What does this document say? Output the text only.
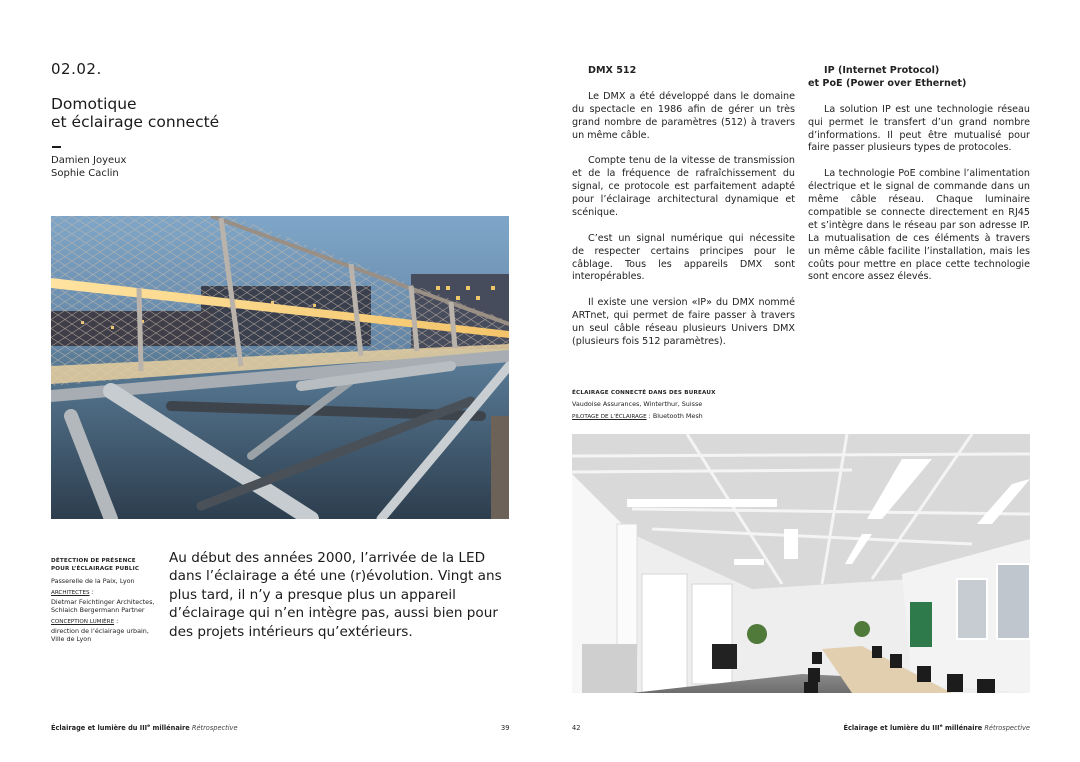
02.02.
Domotique
et éclairage connecté
Damien Joyeux
Sophie Caclin
DÉTECTION DE PRÉSENCE
POUR L’ÉCLAIRAGE PUBLIC
Passerelle de la Paix, Lyon
ARCHITECTES :
Dietmar Feichtinger Architectes,
Schlaich Bergermann Partner
CONCEPTION LUMIÈRE :
direction de l’éclairage urbain,
Ville de Lyon
Au début des années 2000, l’arrivée de la LED dans l’éclairage a été une (r)évolution. Vingt ans plus tard, il n’y a presque plus un appareil d’éclairage qui n’en intègre pas, aussi bien pour des projets intérieurs qu’extérieurs.
Éclairage et lumière du IIIe millénaire Rétrospective	39
DMX 512

Le DMX a été développé dans le domaine du spectacle en 1986 afin de gérer un très grand nombre de paramètres (512) à travers un même câble.

Compte tenu de la vitesse de transmission et de la fréquence de rafraîchissement du signal, ce protocole est parfaitement adapté pour l’éclairage architectural dynamique et scénique.

C’est un signal numérique qui nécessite de respecter certains principes pour le câblage. Tous les appareils DMX sont interopérables.

Il existe une version «IP» du DMX nommé ARTnet, qui permet de faire passer à travers un seul câble réseau plusieurs Univers DMX (plusieurs fois 512 paramètres).

IP (Internet Protocol)
et PoE (Power over Ethernet)

La solution IP est une technologie réseau qui permet le transfert d’un grand nombre d’informations. Il peut être mutualisé pour faire passer plusieurs types de protocoles.

La technologie PoE combine l’alimentation électrique et le signal de commande dans un même câble réseau. Chaque luminaire compatible se connecte directement en RJ45 et s’intègre dans le réseau par son adresse IP. La mutualisation de ces éléments à travers un même câble facilite l’installation, mais les coûts pour mettre en place cette technologie sont encore assez élevés.

ÉCLAIRAGE CONNECTÉ DANS DES BUREAUX
Vaudoise Assurances, Winterthur, Suisse
PILOTAGE DE L’ÉCLAIRAGE : Bluetooth Mesh
42	Éclairage et lumière du IIIe millénaire Rétrospective
